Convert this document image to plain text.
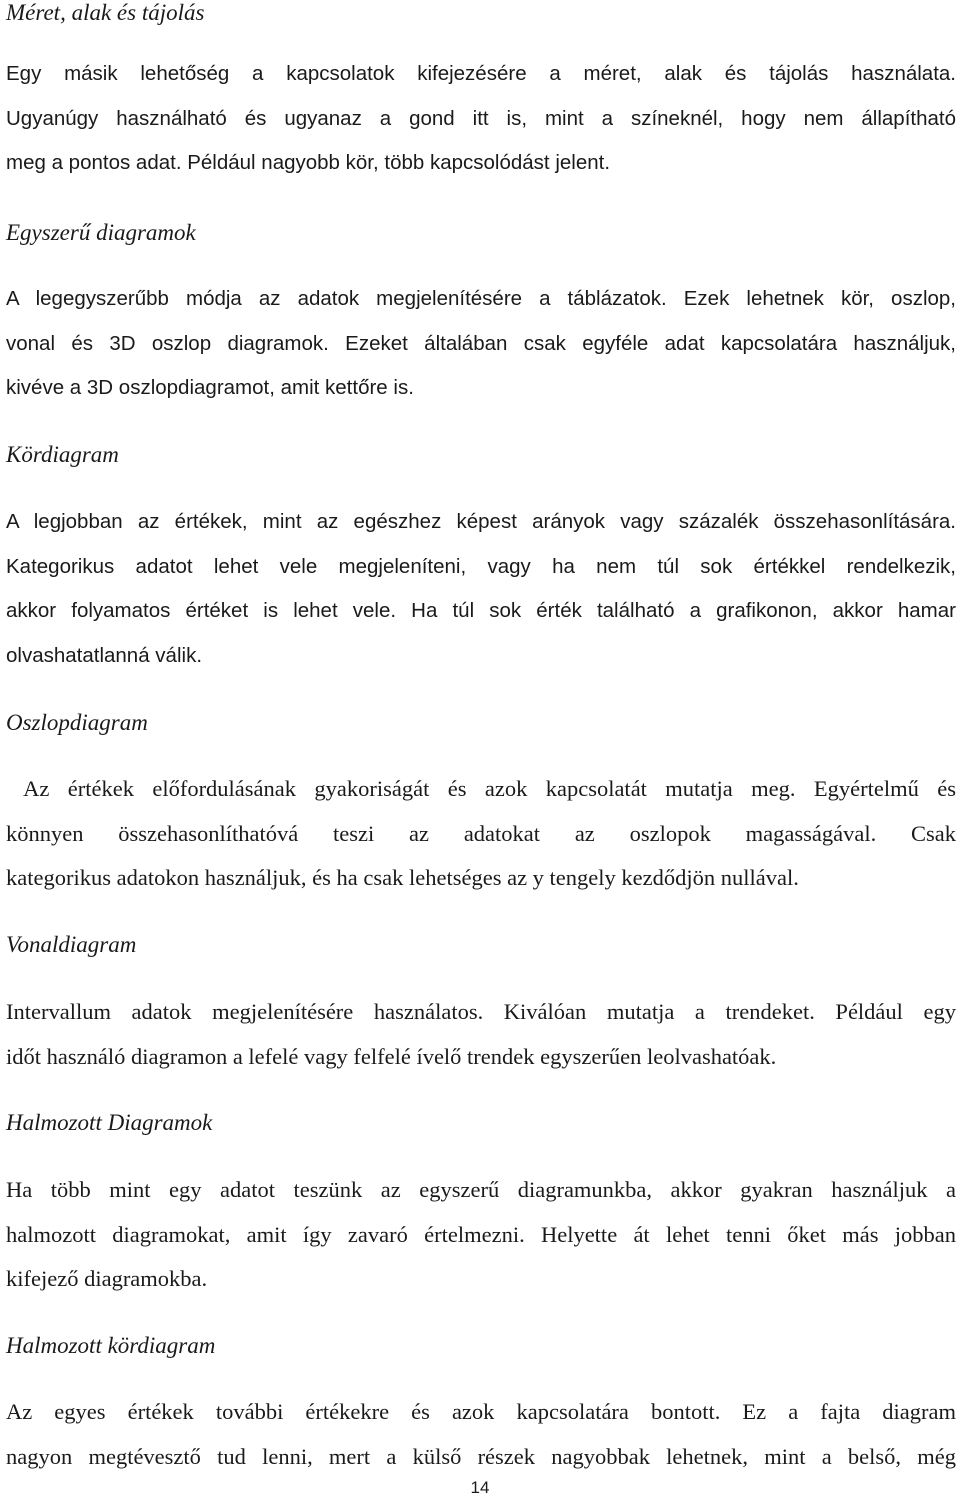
Méret, alak és tájolás

Egy másik lehetőség a kapcsolatok kifejezésére a méret, alak és tájolás használata.
Ugyanúgy használható és ugyanaz a gond itt is, mint a színeknél, hogy nem állapítható
meg a pontos adat. Például nagyobb kör, több kapcsolódást jelent.

Egyszerű diagramok

A legegyszerűbb módja az adatok megjelenítésére a táblázatok. Ezek lehetnek kör, oszlop,
vonal és 3D oszlop diagramok. Ezeket általában csak egyféle adat kapcsolatára használjuk,
kivéve a 3D oszlopdiagramot, amit kettőre is.

Kördiagram

A legjobban az értékek, mint az egészhez képest arányok vagy százalék összehasonlítására.
Kategorikus adatot lehet vele megjeleníteni, vagy ha nem túl sok értékkel rendelkezik,
akkor folyamatos értéket is lehet vele. Ha túl sok érték található a grafikonon, akkor hamar
olvashatatlanná válik.

Oszlopdiagram

Az értékek előfordulásának gyakoriságát és azok kapcsolatát mutatja meg. Egyértelmű és
könnyen összehasonlíthatóvá teszi az adatokat az oszlopok magasságával. Csak
kategorikus adatokon használjuk, és ha csak lehetséges az y tengely kezdődjön nullával.

Vonaldiagram

Intervallum adatok megjelenítésére használatos. Kiválóan mutatja a trendeket. Például egy
időt használó diagramon a lefelé vagy felfelé ívelő trendek egyszerűen leolvashatóak.

Halmozott Diagramok

Ha több mint egy adatot teszünk az egyszerű diagramunkba, akkor gyakran használjuk a
halmozott diagramokat, amit így zavaró értelmezni. Helyette át lehet tenni őket más jobban
kifejező diagramokba.

Halmozott kördiagram

Az egyes értékek további értékekre és azok kapcsolatára bontott. Ez a fajta diagram
nagyon megtévesztő tud lenni, mert a külső részek nagyobbak lehetnek, mint a belső, még

14
